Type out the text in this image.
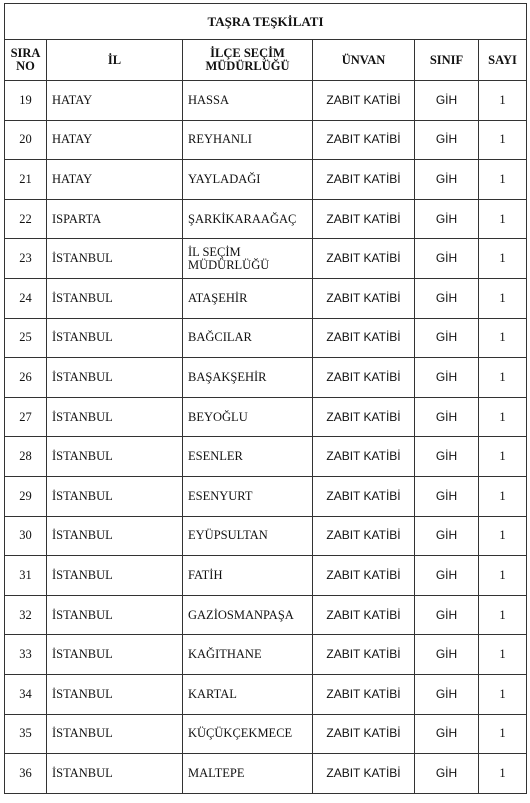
TAŞRA TEŞKİLATI					
SIRA NO	İL	İLÇE SEÇİM MÜDÜRLÜĞÜ	ÜNVAN	SINIF	SAYI
19	HATAY	HASSA	ZABIT KATİBİ	GİH	1
20	HATAY	REYHANLI	ZABIT KATİBİ	GİH	1
21	HATAY	YAYLADAĞI	ZABIT KATİBİ	GİH	1
22	ISPARTA	ŞARKİKARAAĞAÇ	ZABIT KATİBİ	GİH	1
23	İSTANBUL	İL SEÇİM MÜDÜRLÜĞÜ	ZABIT KATİBİ	GİH	1
24	İSTANBUL	ATAŞEHİR	ZABIT KATİBİ	GİH	1
25	İSTANBUL	BAĞCILAR	ZABIT KATİBİ	GİH	1
26	İSTANBUL	BAŞAKŞEHİR	ZABIT KATİBİ	GİH	1
27	İSTANBUL	BEYOĞLU	ZABIT KATİBİ	GİH	1
28	İSTANBUL	ESENLER	ZABIT KATİBİ	GİH	1
29	İSTANBUL	ESENYURT	ZABIT KATİBİ	GİH	1
30	İSTANBUL	EYÜPSULTAN	ZABIT KATİBİ	GİH	1
31	İSTANBUL	FATİH	ZABIT KATİBİ	GİH	1
32	İSTANBUL	GAZİOSMANPAŞA	ZABIT KATİBİ	GİH	1
33	İSTANBUL	KAĞITHANE	ZABIT KATİBİ	GİH	1
34	İSTANBUL	KARTAL	ZABIT KATİBİ	GİH	1
35	İSTANBUL	KÜÇÜKÇEKMECE	ZABIT KATİBİ	GİH	1
36	İSTANBUL	MALTEPE	ZABIT KATİBİ	GİH	1
